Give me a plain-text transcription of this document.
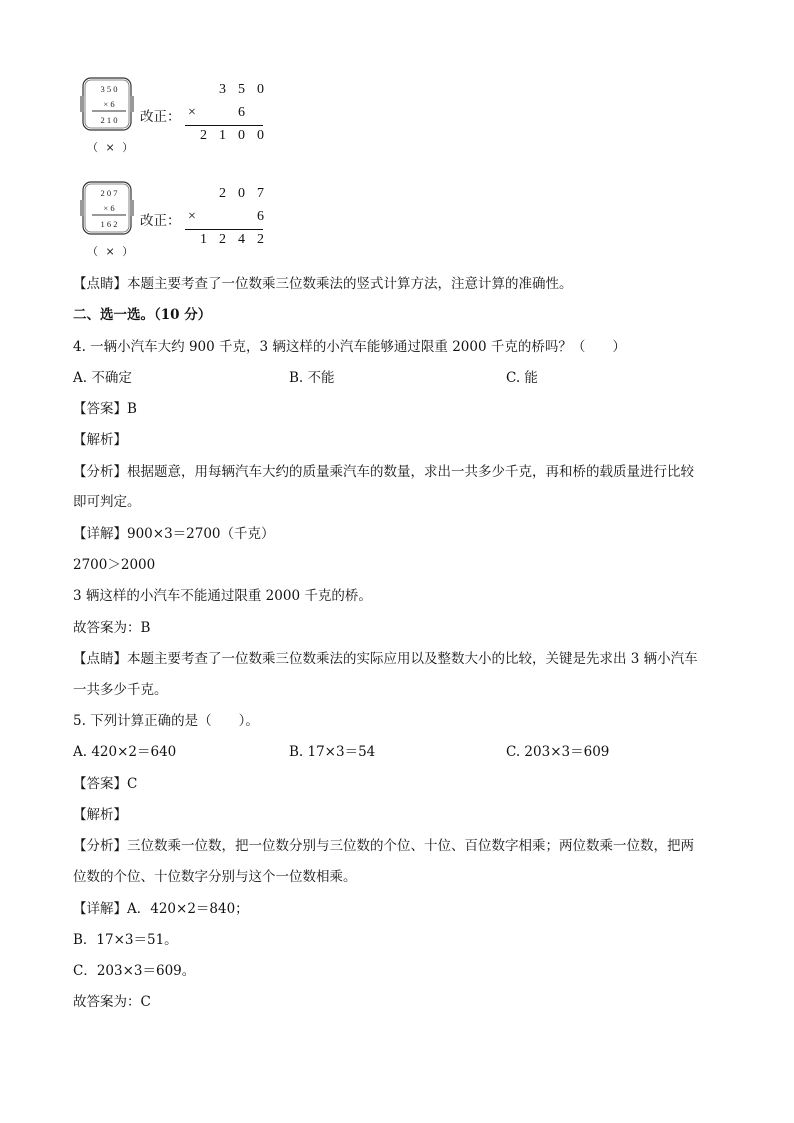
3 5 0
× 6
2 1 0
（ × ）
改正：
3 5 0
×	6
2 1 0 0
2 0 7
× 6
1 6 2
（ × ）
改正：
2 0 7
×	6
1 2 4 2
【点睛】本题主要考查了一位数乘三位数乘法的竖式计算方法，注意计算的准确性。
二、选一选。（10 分）
4. 一辆小汽车大约 900 千克，3 辆这样的小汽车能够通过限重 2000 千克的桥吗？（　　）
A. 不确定	B. 不能	C. 能
【答案】B
【解析】
【分析】根据题意，用每辆汽车大约的质量乘汽车的数量，求出一共多少千克，再和桥的载质量进行比较
即可判定。
【详解】900×3＝2700（千克）
2700＞2000
3 辆这样的小汽车不能通过限重 2000 千克的桥。
故答案为：B
【点睛】本题主要考查了一位数乘三位数乘法的实际应用以及整数大小的比较，关键是先求出 3 辆小汽车
一共多少千克。
5. 下列计算正确的是（　　）。
A. 420×2＝640	B. 17×3＝54	C. 203×3＝609
【答案】C
【解析】
【分析】三位数乘一位数，把一位数分别与三位数的个位、十位、百位数字相乘；两位数乘一位数，把两
位数的个位、十位数字分别与这个一位数相乘。
【详解】A．420×2＝840；
B．17×3＝51。
C．203×3＝609。
故答案为：C
